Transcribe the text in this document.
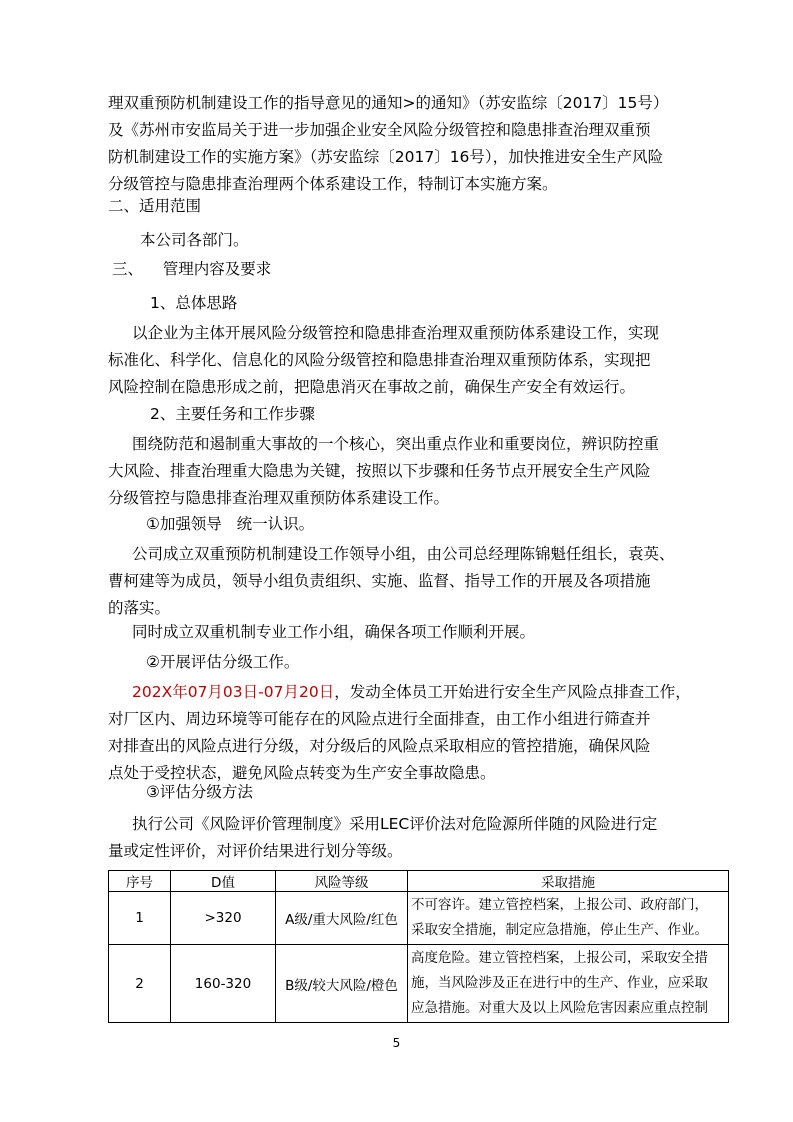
理双重预防机制建设工作的指导意见的通知>的通知》（苏安监综〔2017〕15号）
及《苏州市安监局关于进一步加强企业安全风险分级管控和隐患排查治理双重预
防机制建设工作的实施方案》（苏安监综〔2017〕16号），加快推进安全生产风险
分级管控与隐患排查治理两个体系建设工作，特制订本实施方案。
二、适用范围
本公司各部门。
三、    管理内容及要求
1、总体思路
以企业为主体开展风险分级管控和隐患排查治理双重预防体系建设工作，实现
标准化、科学化、信息化的风险分级管控和隐患排查治理双重预防体系，实现把
风险控制在隐患形成之前，把隐患消灭在事故之前，确保生产安全有效运行。
2、主要任务和工作步骤
围绕防范和遏制重大事故的一个核心，突出重点作业和重要岗位，辨识防控重
大风险、排查治理重大隐患为关键，按照以下步骤和任务节点开展安全生产风险
分级管控与隐患排查治理双重预防体系建设工作。
①加强领导   统一认识。
公司成立双重预防机制建设工作领导小组，由公司总经理陈锦魁任组长，袁英、
曹柯建等为成员，领导小组负责组织、实施、监督、指导工作的开展及各项措施
的落实。
同时成立双重机制专业工作小组，确保各项工作顺利开展。
②开展评估分级工作。
202X年07月03日-07月20日，发动全体员工开始进行安全生产风险点排查工作，
对厂区内、周边环境等可能存在的风险点进行全面排查，由工作小组进行筛查并
对排查出的风险点进行分级，对分级后的风险点采取相应的管控措施，确保风险
点处于受控状态，避免风险点转变为生产安全事故隐患。
③评估分级方法
执行公司《风险评价管理制度》采用LEC评价法对危险源所伴随的风险进行定
量或定性评价，对评价结果进行划分等级。
序号	D值	风险等级	采取措施
1	>320	A级/重大风险/红色	不可容许。建立管控档案，上报公司、政府部门，
采取安全措施，制定应急措施，停止生产、作业。

2	160-320	B级/较大风险/橙色	高度危险。建立管控档案，上报公司，采取安全措
施，当风险涉及正在进行中的生产、作业，应采取
应急措施。对重大及以上风险危害因素应重点控制
5
